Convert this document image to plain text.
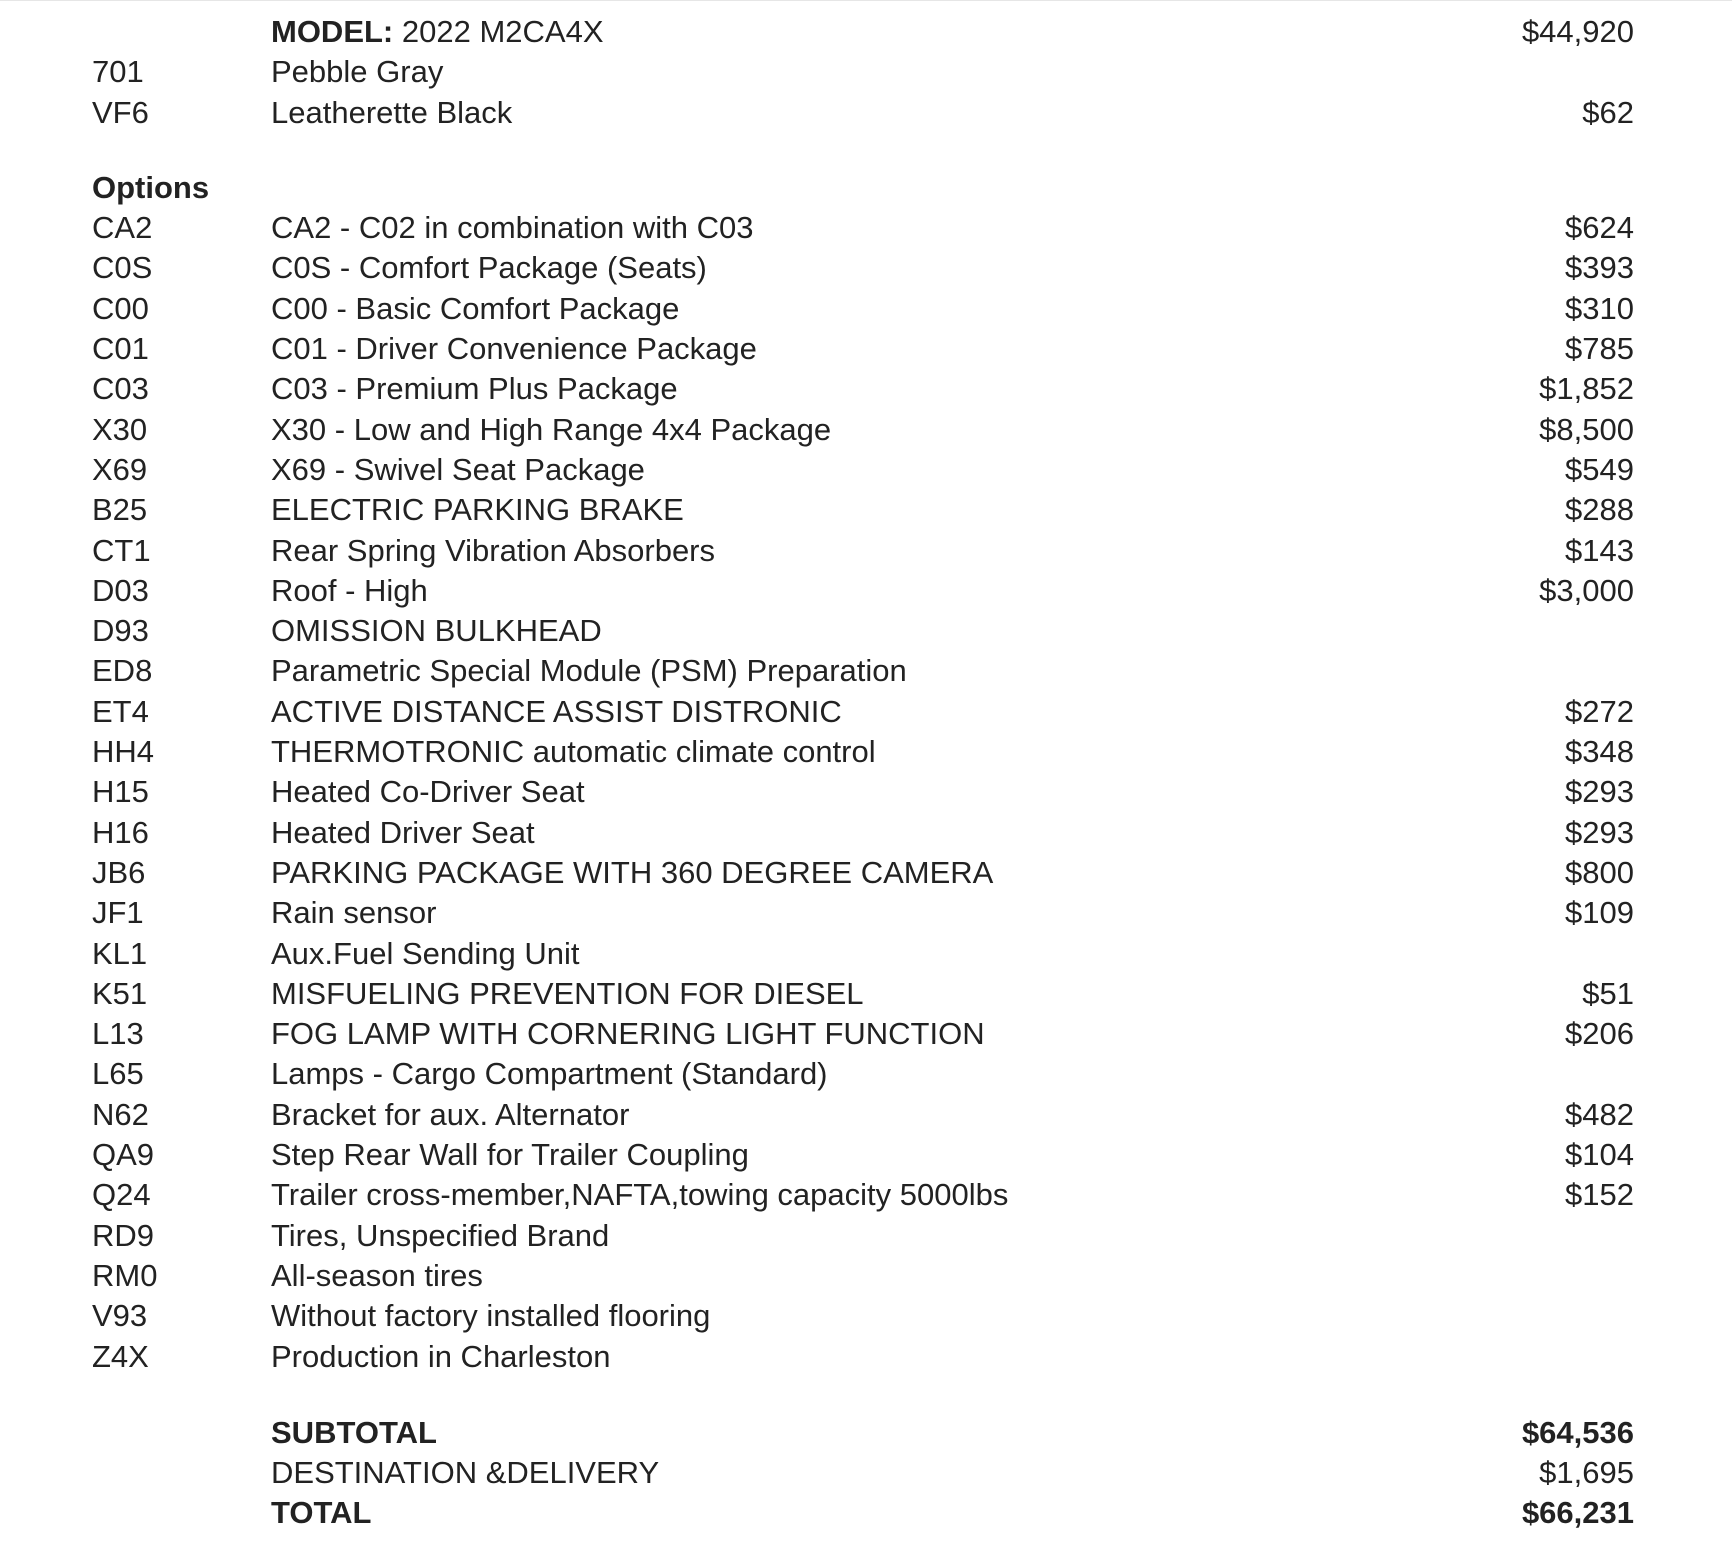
MODEL: 2022 M2CA4X	$44,920
701	Pebble Gray
VF6	Leatherette Black	$62
Options
CA2	CA2 - C02 in combination with C03	$624
C0S	C0S - Comfort Package (Seats)	$393
C00	C00 - Basic Comfort Package	$310
C01	C01 - Driver Convenience Package	$785
C03	C03 - Premium Plus Package	$1,852
X30	X30 - Low and High Range 4x4 Package	$8,500
X69	X69 - Swivel Seat Package	$549
B25	ELECTRIC PARKING BRAKE	$288
CT1	Rear Spring Vibration Absorbers	$143
D03	Roof - High	$3,000
D93	OMISSION BULKHEAD
ED8	Parametric Special Module (PSM) Preparation
ET4	ACTIVE DISTANCE ASSIST DISTRONIC	$272
HH4	THERMOTRONIC automatic climate control	$348
H15	Heated Co-Driver Seat	$293
H16	Heated Driver Seat	$293
JB6	PARKING PACKAGE WITH 360 DEGREE CAMERA	$800
JF1	Rain sensor	$109
KL1	Aux.Fuel Sending Unit
K51	MISFUELING PREVENTION FOR DIESEL	$51
L13	FOG LAMP WITH CORNERING LIGHT FUNCTION	$206
L65	Lamps - Cargo Compartment (Standard)
N62	Bracket for aux. Alternator	$482
QA9	Step Rear Wall for Trailer Coupling	$104
Q24	Trailer cross-member,NAFTA,towing capacity 5000lbs	$152
RD9	Tires, Unspecified Brand
RM0	All-season tires
V93	Without factory installed flooring
Z4X	Production in Charleston
SUBTOTAL	$64,536
DESTINATION &DELIVERY	$1,695
TOTAL	$66,231
